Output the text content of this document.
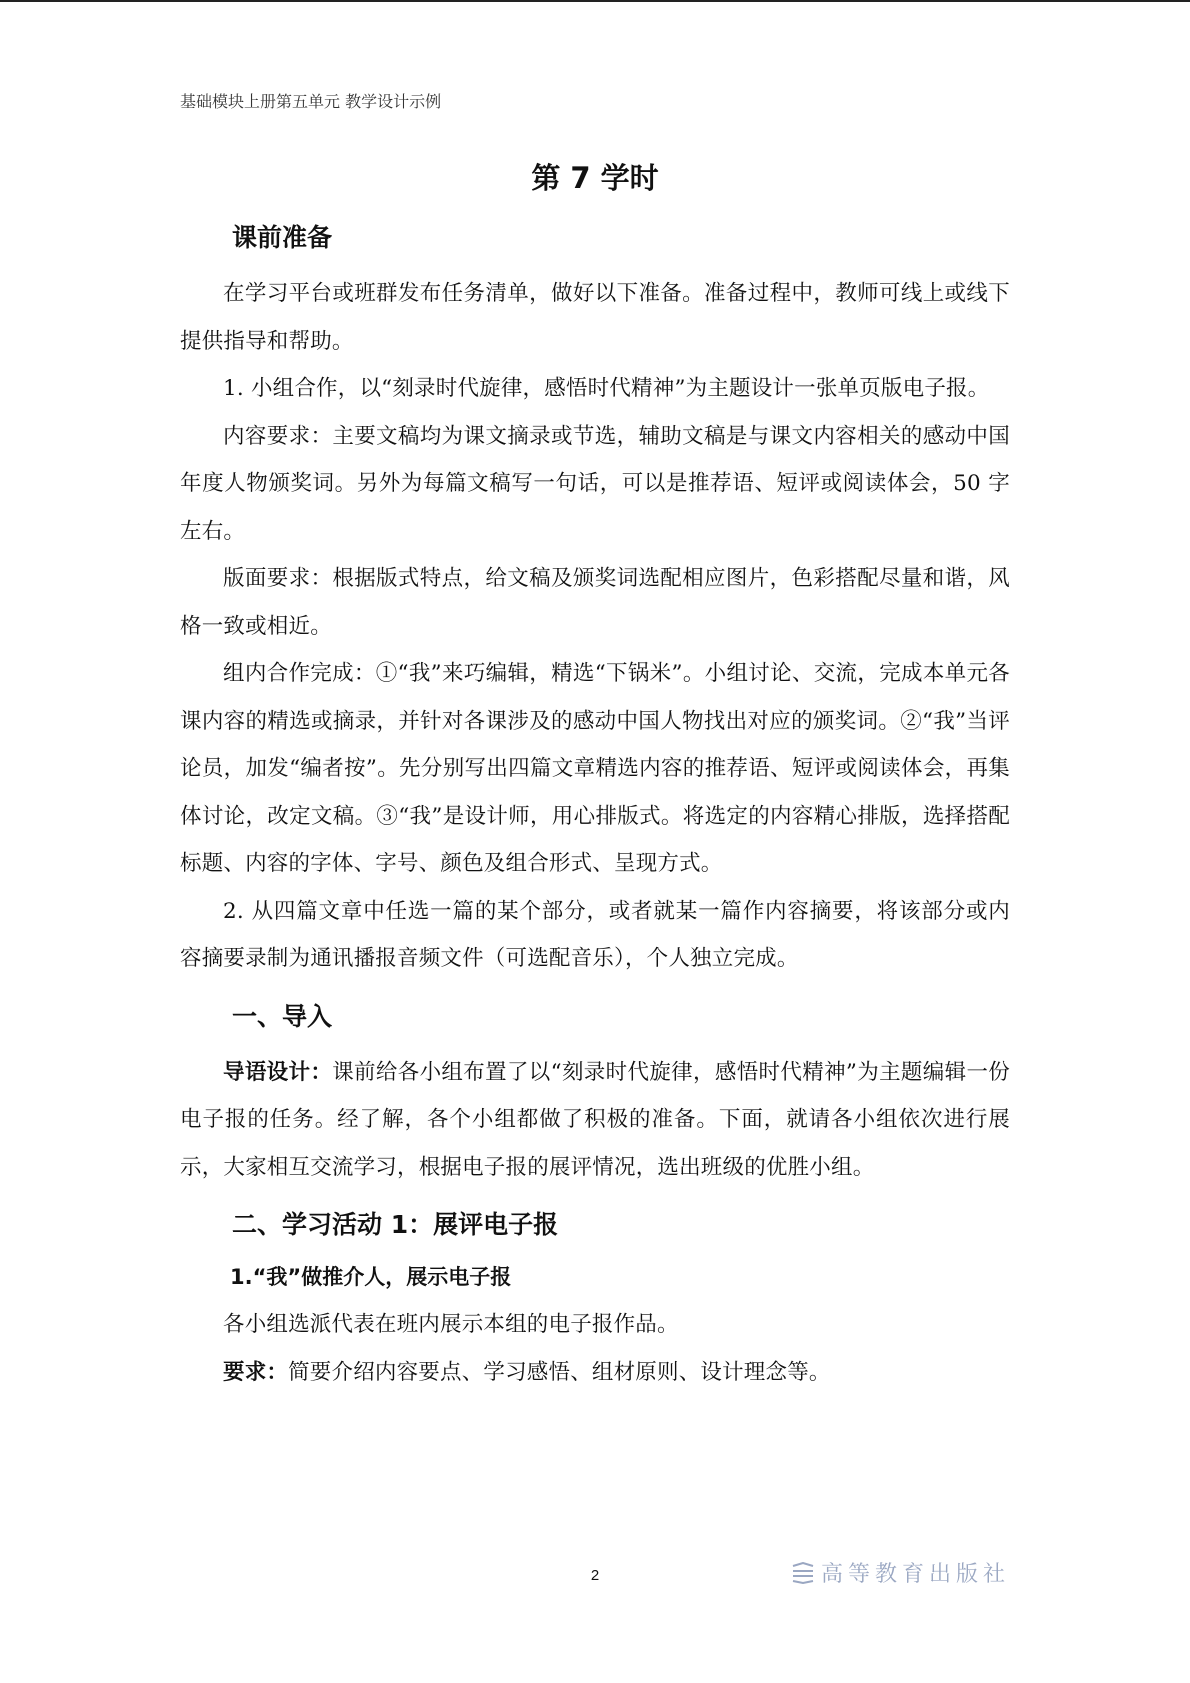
基础模块上册第五单元 教学设计示例
第 7 学时
课前准备

在学习平台或班群发布任务清单，做好以下准备。准备过程中，教师可线上或线下提供指导和帮助。

1. 小组合作，以“刻录时代旋律，感悟时代精神”为主题设计一张单页版电子报。

内容要求：主要文稿均为课文摘录或节选，辅助文稿是与课文内容相关的感动中国年度人物颁奖词。另外为每篇文稿写一句话，可以是推荐语、短评或阅读体会，50 字左右。

版面要求：根据版式特点，给文稿及颁奖词选配相应图片，色彩搭配尽量和谐，风格一致或相近。

组内合作完成：①“我”来巧编辑，精选“下锅米”。小组讨论、交流，完成本单元各课内容的精选或摘录，并针对各课涉及的感动中国人物找出对应的颁奖词。②“我”当评论员，加发“编者按”。先分别写出四篇文章精选内容的推荐语、短评或阅读体会，再集体讨论，改定文稿。③“我”是设计师，用心排版式。将选定的内容精心排版，选择搭配标题、内容的字体、字号、颜色及组合形式、呈现方式。

2. 从四篇文章中任选一篇的某个部分，或者就某一篇作内容摘要，将该部分或内容摘要录制为通讯播报音频文件（可选配音乐），个人独立完成。

一、导入

导语设计：课前给各小组布置了以“刻录时代旋律，感悟时代精神”为主题编辑一份电子报的任务。经了解，各个小组都做了积极的准备。下面，就请各小组依次进行展示，大家相互交流学习，根据电子报的展评情况，选出班级的优胜小组。

二、学习活动 1：展评电子报
1.“我”做推介人，展示电子报

各小组选派代表在班内展示本组的电子报作品。

要求：简要介绍内容要点、学习感悟、组材原则、设计理念等。

2	高等教育出版社
